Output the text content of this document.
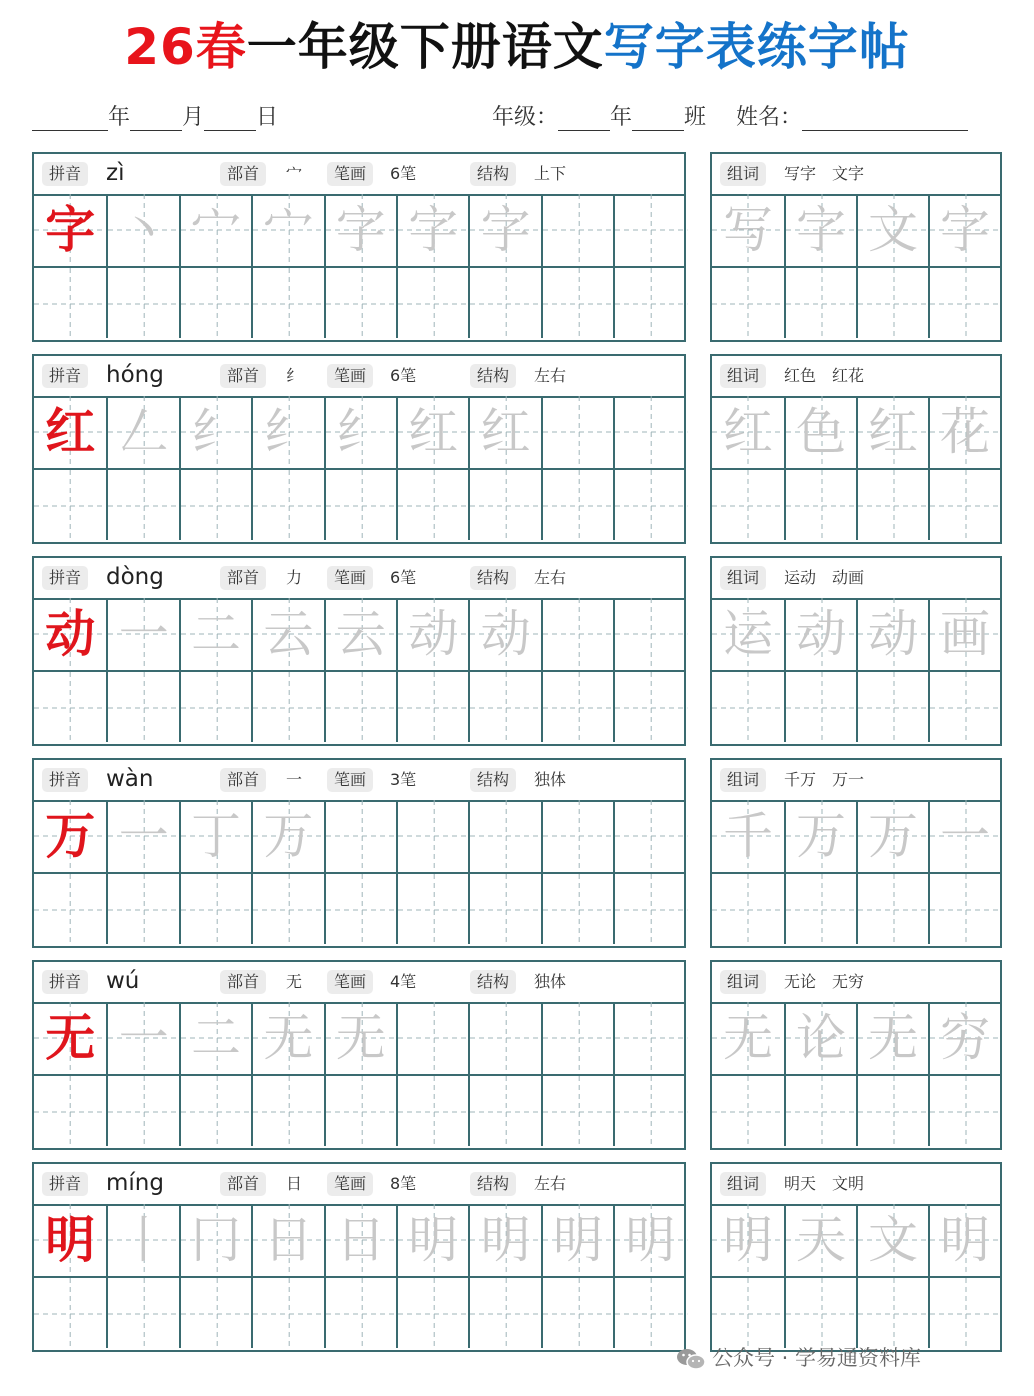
26春一年级下册语文写字表练字帖
年 月 日	年级： 年 班 姓名：
拼音	zì	部首	宀	笔画	6笔	结构	上下
字 丶 宀 宀 字 字 字
组词	写字　文字
写 字 文 字
拼音	hóng	部首	纟	笔画	6笔	结构	左右
红 𠃋 纟 纟 纟 红 红
组词	红色　红花
红 色 红 花
拼音	dòng	部首	力	笔画	6笔	结构	左右
动 一 二 云 云 动 动
组词	运动　动画
运 动 动 画
拼音	wàn	部首	一	笔画	3笔	结构	独体
万 一 丁 万
组词	千万　万一
千 万 万 一
拼音	wú	部首	无	笔画	4笔	结构	独体
无 一 二 无 无
组词	无论　无穷
无 论 无 穷
拼音	míng	部首	日	笔画	8笔	结构	左右
明 丨 冂 日 日 明 明 明 明
组词	明天　文明
明 天 文 明
公众号 · 学易通资料库
